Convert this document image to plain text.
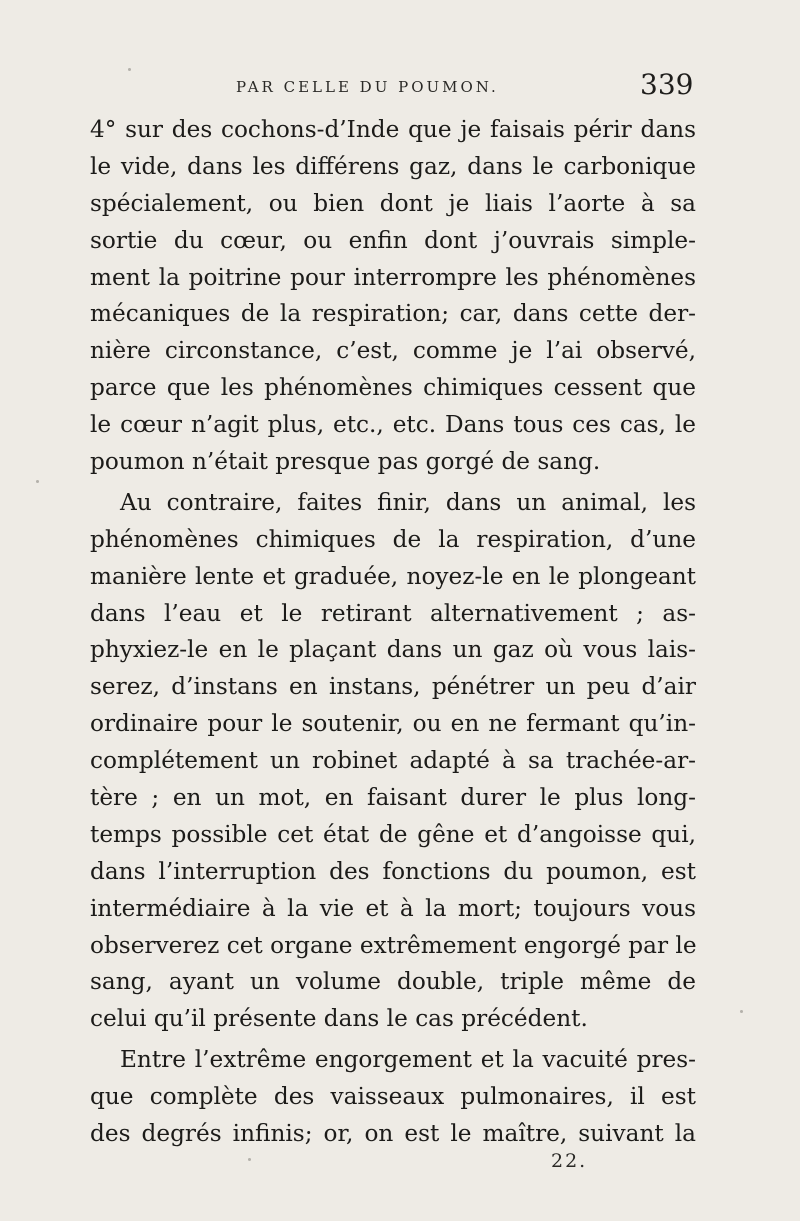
PAR CELLE DU POUMON.	339
4° sur des cochons-d’Inde que je faisais périr dans
le vide, dans les différens gaz, dans le carbonique
spécialement, ou bien dont je liais l’aorte à sa
sortie du cœur, ou enfin dont j’ouvrais simple-
ment la poitrine pour interrompre les phénomènes
mécaniques de la respiration; car, dans cette der-
nière circonstance, c’est, comme je l’ai observé,
parce que les phénomènes chimiques cessent que
le cœur n’agit plus, etc., etc. Dans tous ces cas, le
poumon n’était presque pas gorgé de sang.
Au contraire, faites finir, dans un animal, les
phénomènes chimiques de la respiration, d’une
manière lente et graduée, noyez-le en le plongeant
dans l’eau et le retirant alternativement ; as-
phyxiez-le en le plaçant dans un gaz où vous lais-
serez, d’instans en instans, pénétrer un peu d’air
ordinaire pour le soutenir, ou en ne fermant qu’in-
complétement un robinet adapté à sa trachée-ar-
tère ; en un mot, en faisant durer le plus long-
temps possible cet état de gêne et d’angoisse qui,
dans l’interruption des fonctions du poumon, est
intermédiaire à la vie et à la mort; toujours vous
observerez cet organe extrêmement engorgé par le
sang, ayant un volume double, triple même de
celui qu’il présente dans le cas précédent.
Entre l’extrême engorgement et la vacuité pres-
que complète des vaisseaux pulmonaires, il est
des degrés infinis; or, on est le maître, suivant la
22.
